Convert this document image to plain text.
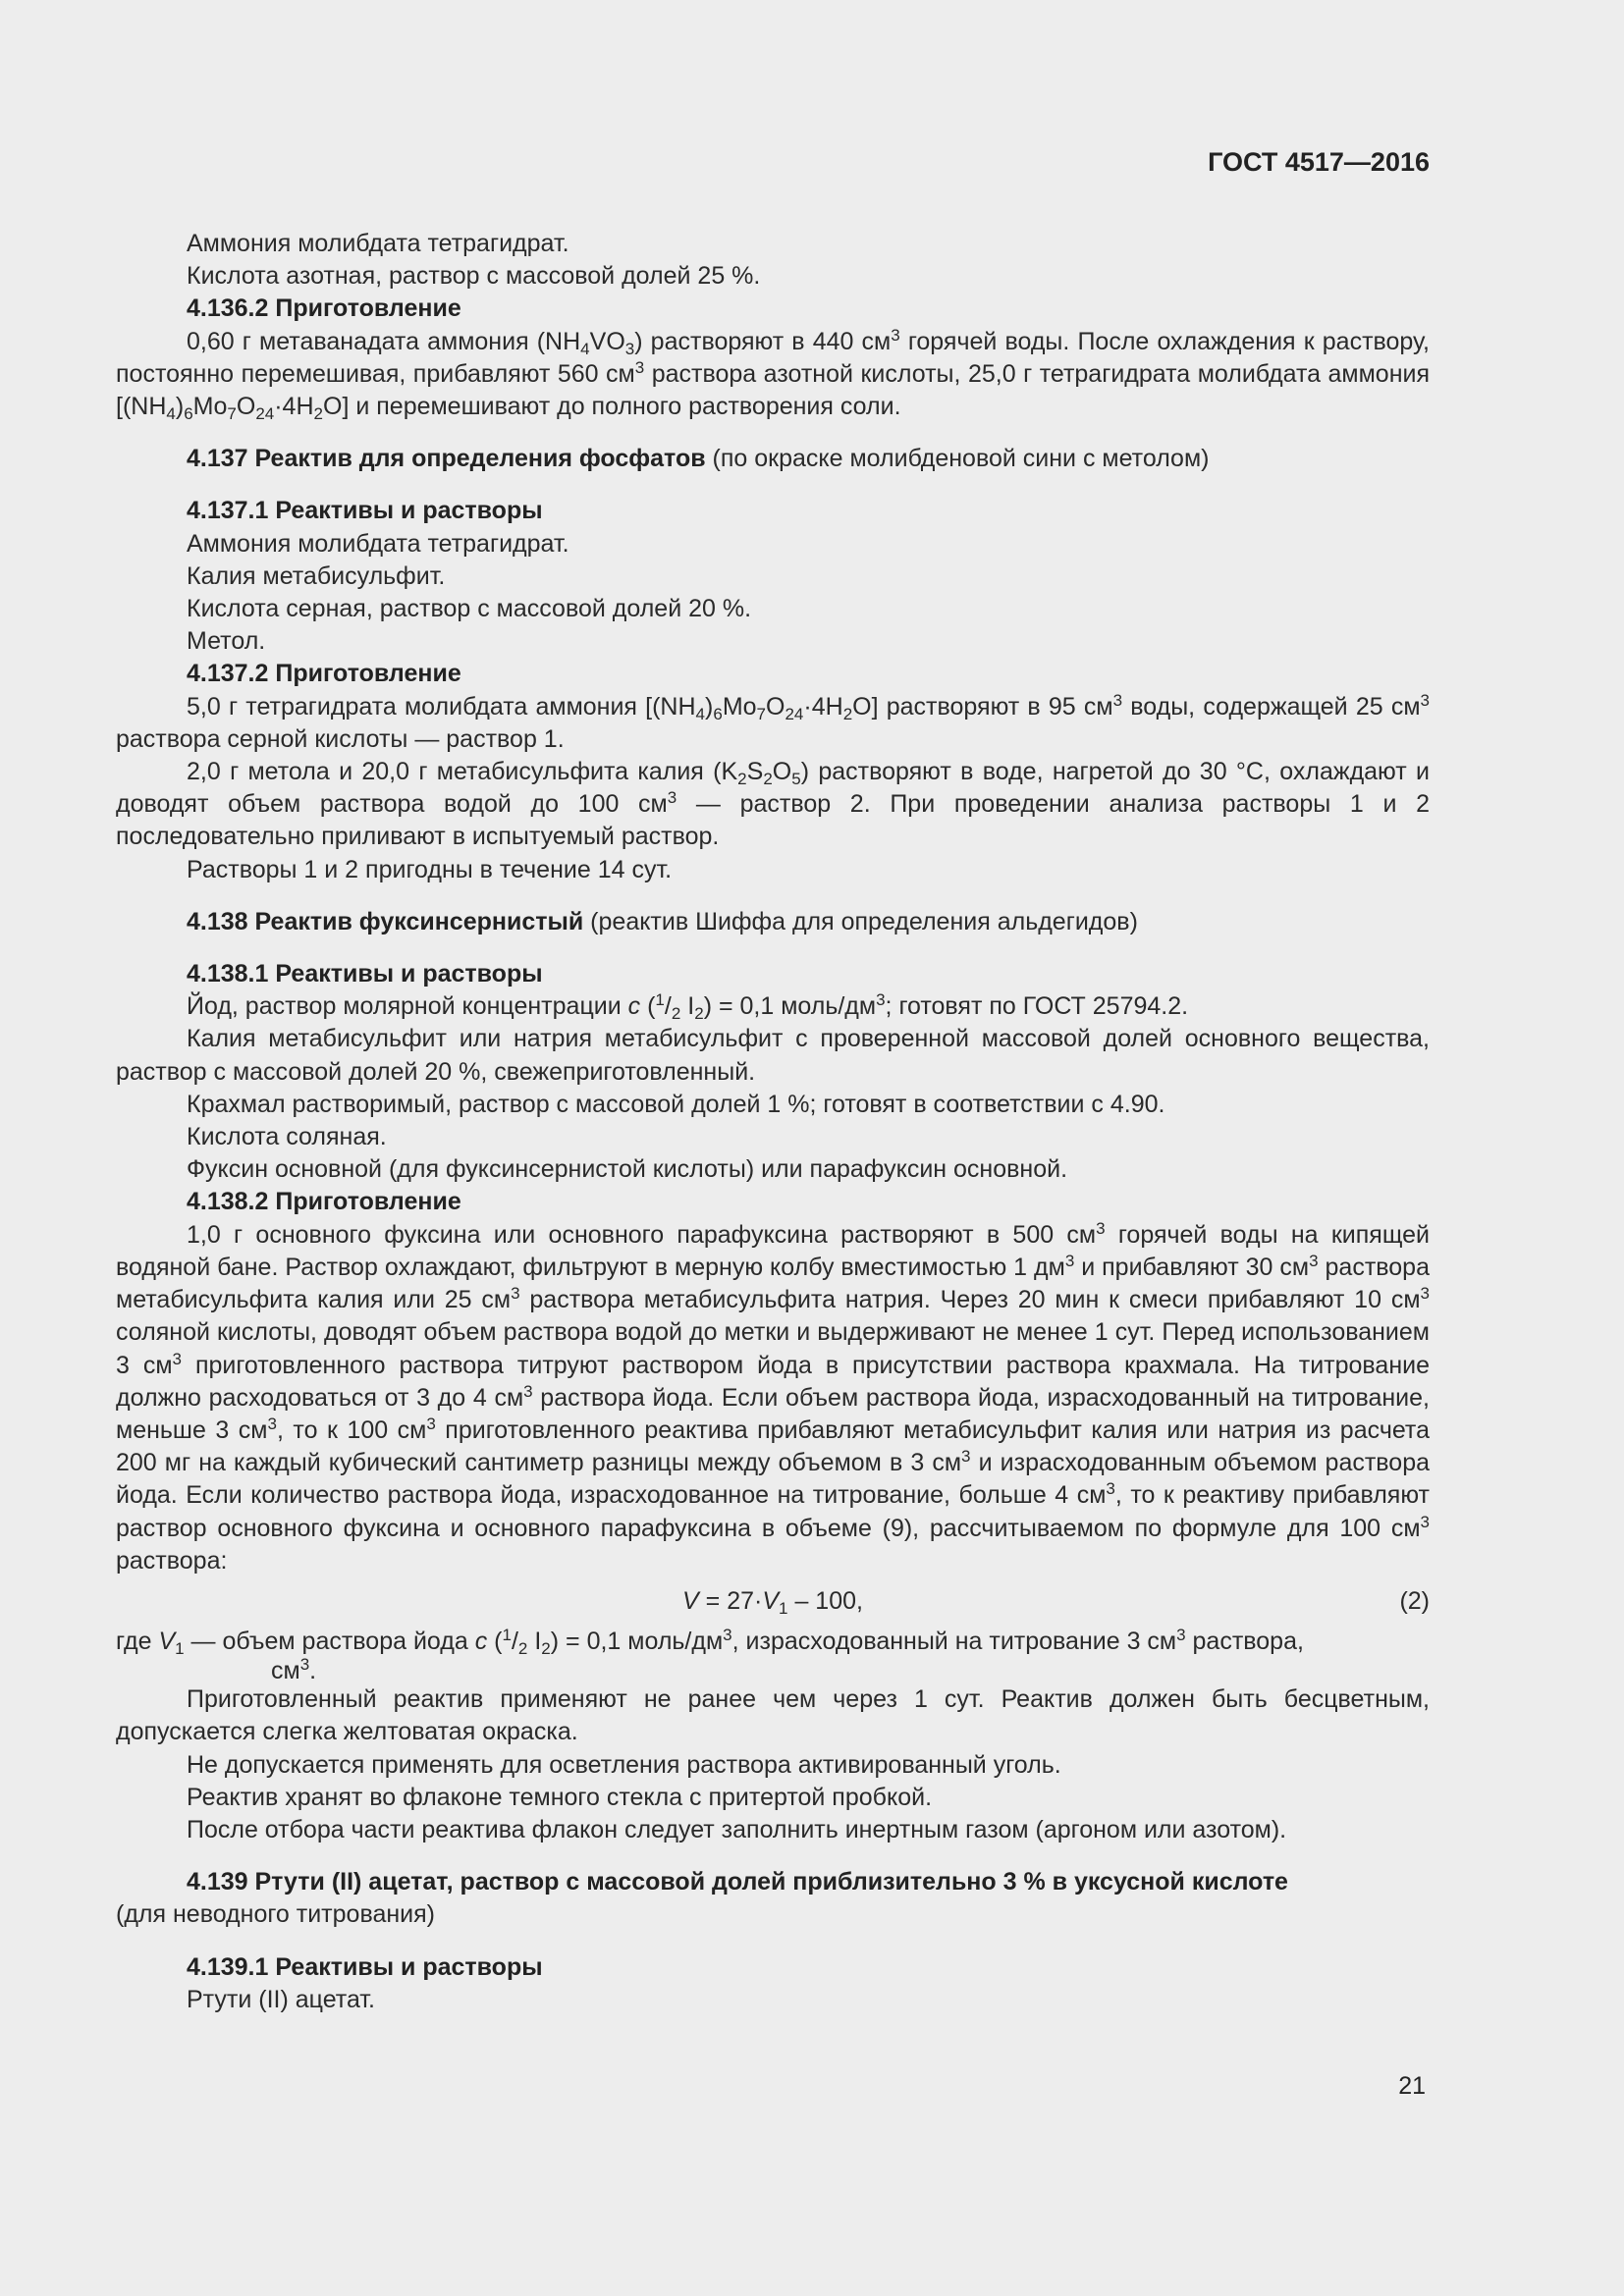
ГОСТ 4517—2016

Аммония молибдата тетрагидрат.

Кислота азотная, раствор с массовой долей 25 %.

4.136.2 Приготовление

0,60 г метаванадата аммония $(NH_4VO_3)$ растворяют в 440 $см^3$ горячей воды. После охлаждения к раствору, постоянно перемешивая, прибавляют 560 $см^3$ раствора азотной кислоты, 25,0 г тетрагидрата молибдата аммония $[(NH_4)_6Mo_7O_{24}\cdot 4H_2O]$ и перемешивают до полного растворения соли.

4.137 Реактив для определения фосфатов (по окраске молибденовой сини с метолом)

4.137.1 Реактивы и растворы

Аммония молибдата тетрагидрат.

Калия метабисульфит.

Кислота серная, раствор с массовой долей 20 %.

Метол.

4.137.2 Приготовление

5,0 г тетрагидрата молибдата аммония $[(NH_4)_6Mo_7O_{24}\cdot 4H_2O]$ растворяют в 95 $см^3$ воды, содержащей 25 $см^3$ раствора серной кислоты — раствор 1.

2,0 г метола и 20,0 г метабисульфита калия $(K_2S_2O_5)$ растворяют в воде, нагретой до 30 °С, охлаждают и доводят объем раствора водой до 100 $см^3$ — раствор 2. При проведении анализа растворы 1 и 2 последовательно приливают в испытуемый раствор.

Растворы 1 и 2 пригодны в течение 14 сут.

4.138 Реактив фуксинсернистый (реактив Шиффа для определения альдегидов)

4.138.1 Реактивы и растворы

Йод, раствор молярной концентрации c ($^1/_2$ $I_2) = 0,1$ моль/$дм^3$; готовят по ГОСТ 25794.2.

Калия метабисульфит или натрия метабисульфит с проверенной массовой долей основного вещества, раствор с массовой долей 20 %, свежеприготовленный.

Крахмал растворимый, раствор с массовой долей 1 %; готовят в соответствии с 4.90.

Кислота соляная.

Фуксин основной (для фуксинсернистой кислоты) или парафуксин основной.

4.138.2 Приготовление

1,0 г основного фуксина или основного парафуксина растворяют в 500 $см^3$ горячей воды на кипящей водяной бане. Раствор охлаждают, фильтруют в мерную колбу вместимостью 1 $дм^3$ и прибавляют 30 $см^3$ раствора метабисульфита калия или 25 $см^3$ раствора метабисульфита натрия. Через 20 мин к смеси прибавляют 10 $см^3$ соляной кислоты, доводят объем раствора водой до метки и выдерживают не менее 1 сут. Перед использованием 3 $см^3$ приготовленного раствора титруют раствором йода в присутствии раствора крахмала. На титрование должно расходоваться от 3 до 4 $см^3$ раствора йода. Если объем раствора йода, израсходованный на титрование, меньше 3 $см^3$, то к 100 $см^3$ приготовленного реактива прибавляют метабисульфит калия или натрия из расчета 200 мг на каждый кубический сантиметр разницы между объемом в 3 $см^3$ и израсходованным объемом раствора йода. Если количество раствора йода, израсходованное на титрование, больше 4 $см^3$, то к реактиву прибавляют раствор основного фуксина и основного парафуксина в объеме (9), рассчитываемом по формуле для 100 $см^3$ раствора:

$V = 27\cdot V_1 - 100$,	(2)

где $V_1$ — объем раствора йода c ($^1/_2$ $I_2) = 0,1$ моль/$дм^3$, израсходованный на титрование 3 $см^3$ раствора,

$см^3$.

Приготовленный реактив применяют не ранее чем через 1 сут. Реактив должен быть бесцветным, допускается слегка желтоватая окраска.

Не допускается применять для осветления раствора активированный уголь.

Реактив хранят во флаконе темного стекла с притертой пробкой.

После отбора части реактива флакон следует заполнить инертным газом (аргоном или азотом).

4.139 Ртути (II) ацетат, раствор с массовой долей приблизительно 3 % в уксусной кислоте
(для неводного титрования)

4.139.1 Реактивы и растворы

Ртути (II) ацетат.

21
